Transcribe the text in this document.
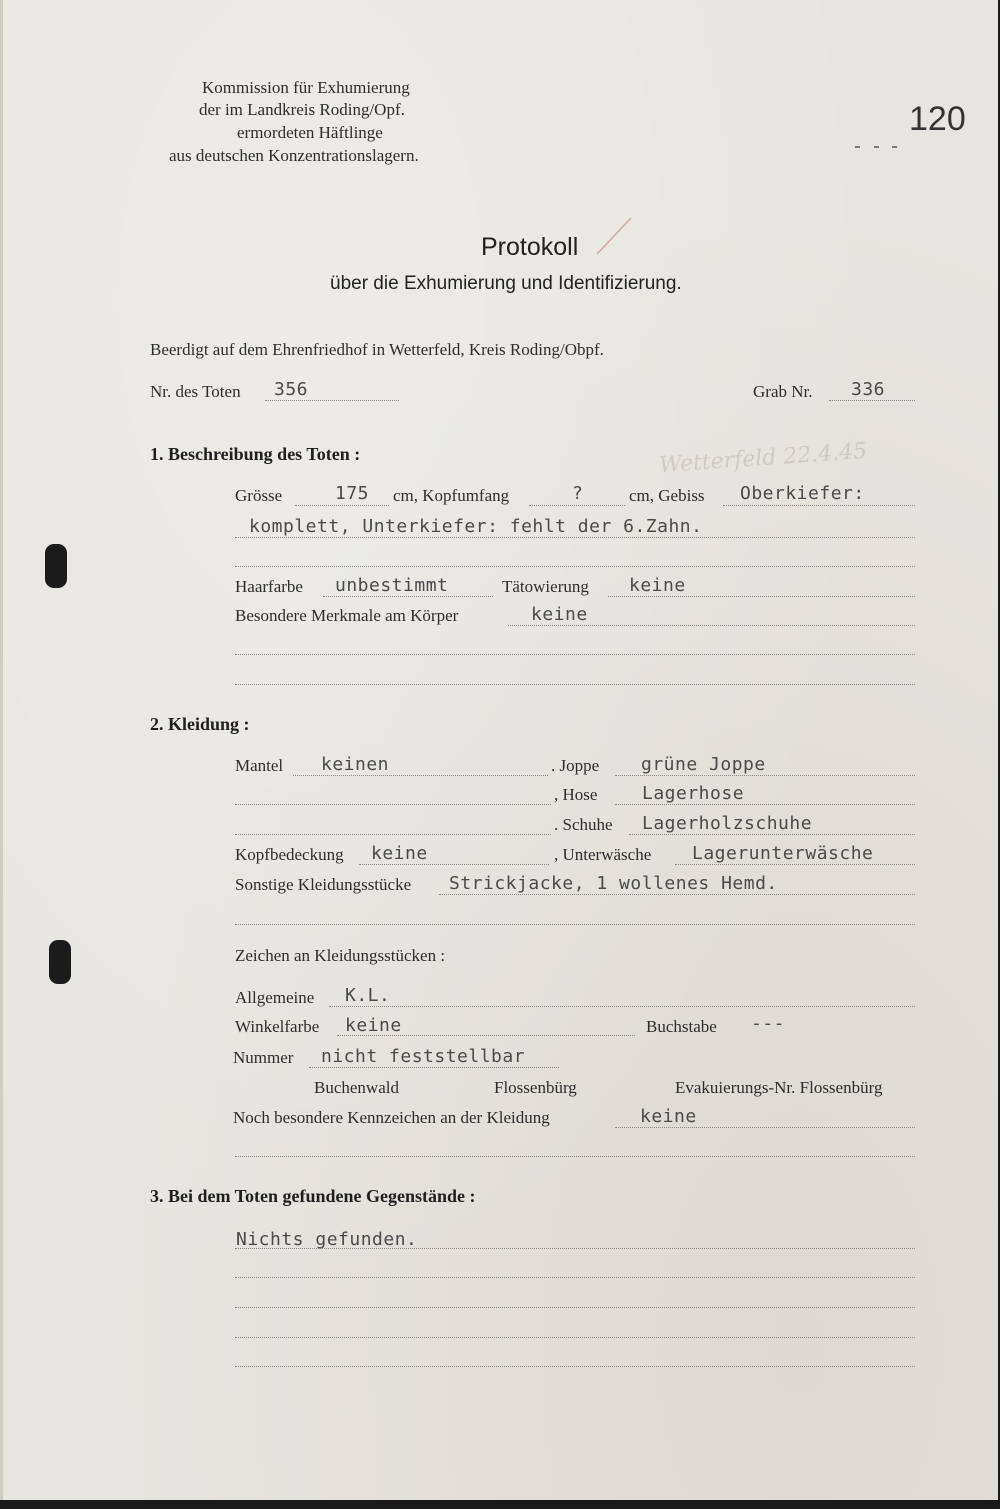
Kommission für Exhumierung
der im Landkreis Roding/Opf.
ermordeten Häftlinge
aus deutschen Konzentrationslagern.
120
Protokoll
über die Exhumierung und Identifizierung.
Beerdigt auf dem Ehrenfriedhof in Wetterfeld, Kreis Roding/Obpf.
Nr. des Toten 356	Grab Nr. 336
Wetterfeld 22.4.45
1. Beschreibung des Toten :
Grösse	175 cm, Kopfumfang	?	cm, Gebiss Oberkiefer:
komplett, Unterkiefer: fehlt der 6.Zahn.
Haarfarbe unbestimmt	Tätowierung keine
Besondere Merkmale am Körper	keine
2. Kleidung :
Mantel keinen	. Joppe grüne Joppe
, Hose Lagerhose
. Schuhe Lagerholzschuhe
Kopfbedeckung keine	, Unterwäsche Lagerunterwäsche
Sonstige Kleidungsstücke Strickjacke, 1 wollenes Hemd.
Zeichen an Kleidungsstücken :
Allgemeine K.L.
Winkelfarbe keine	Buchstabe ---
Nummer nicht feststellbar
Buchenwald	Flossenbürg	Evakuierungs-Nr. Flossenbürg
Noch besondere Kennzeichen an der Kleidung	keine
3. Bei dem Toten gefundene Gegenstände :
Nichts gefunden.
